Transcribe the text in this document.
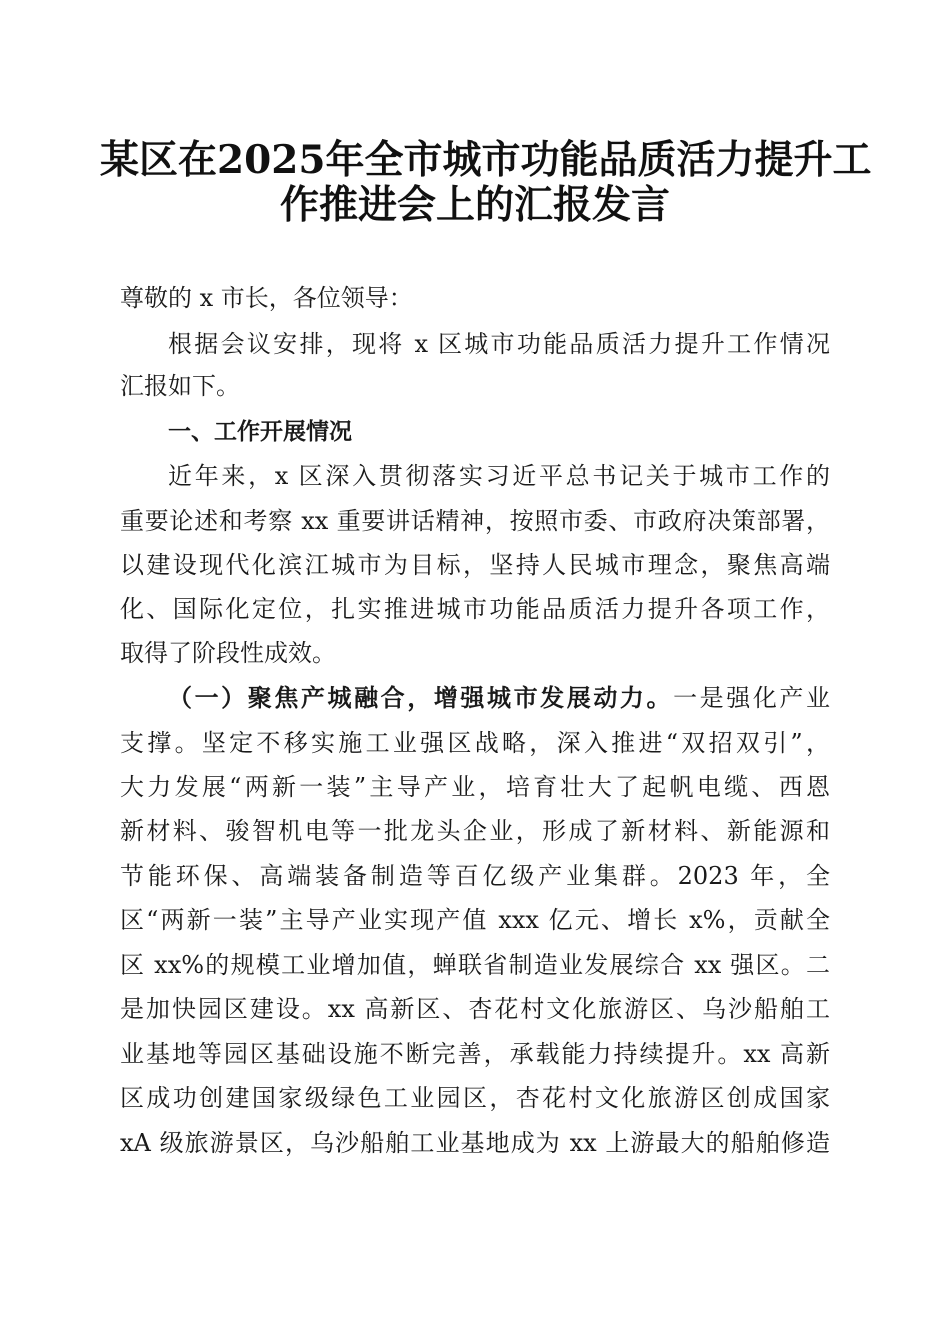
某区在2025年全市城市功能品质活力提升工
作推进会上的汇报发言
尊敬的 x 市长，各位领导：
根据会议安排，现将 x 区城市功能品质活力提升工作情况
汇报如下。
一、工作开展情况
近年来，x 区深入贯彻落实习近平总书记关于城市工作的
重要论述和考察 xx 重要讲话精神，按照市委、市政府决策部署，
以建设现代化滨江城市为目标，坚持人民城市理念，聚焦高端
化、国际化定位，扎实推进城市功能品质活力提升各项工作，
取得了阶段性成效。
（一）聚焦产城融合，增强城市发展动力。一是强化产业
支撑。坚定不移实施工业强区战略，深入推进“双招双引”，
大力发展“两新一装”主导产业，培育壮大了起帆电缆、西恩
新材料、骏智机电等一批龙头企业，形成了新材料、新能源和
节能环保、高端装备制造等百亿级产业集群。2023 年，全
区“两新一装”主导产业实现产值 xxx 亿元、增长 x%，贡献全
区 xx%的规模工业增加值，蝉联省制造业发展综合 xx 强区。二
是加快园区建设。xx 高新区、杏花村文化旅游区、乌沙船舶工
业基地等园区基础设施不断完善，承载能力持续提升。xx 高新
区成功创建国家级绿色工业园区，杏花村文化旅游区创成国家
xA 级旅游景区，乌沙船舶工业基地成为 xx 上游最大的船舶修造
